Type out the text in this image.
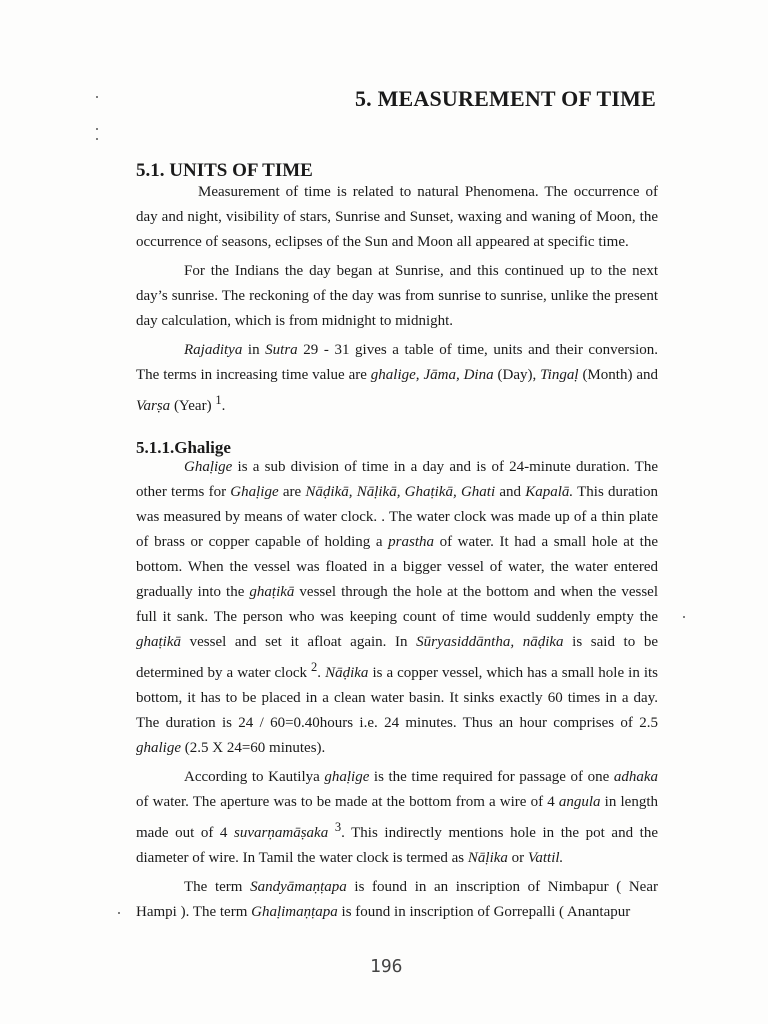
5. MEASUREMENT OF TIME
5.1. UNITS OF TIME

Measurement of time is related to natural Phenomena. The occurrence of day and night, visibility of stars, Sunrise and Sunset, waxing and waning of Moon, the occurrence of seasons, eclipses of the Sun and Moon all appeared at specific time.

For the Indians the day began at Sunrise, and this continued up to the next day’s sunrise. The reckoning of the day was from sunrise to sunrise, unlike the present day calculation, which is from midnight to midnight.

Rajaditya in Sutra 29 - 31 gives a table of time, units and their conversion. The terms in increasing time value are ghalige, Jāma, Dina (Day), Tingaḷ (Month) and Varṣa (Year) $^1$.

5.1.1.Ghalige

Ghaḷige is a sub division of time in a day and is of 24-minute duration. The other terms for Ghaḷige are Nāḍikā, Nāḷikā, Ghaṭikā, Ghati and Kapalā. This duration was measured by means of water clock. . The water clock was made up of a thin plate of brass or copper capable of holding a prastha of water. It had a small hole at the bottom. When the vessel was floated in a bigger vessel of water, the water entered gradually into the ghaṭikā vessel through the hole at the bottom and when the vessel full it sank. The person who was keeping count of time would suddenly empty the ghaṭikā vessel and set it afloat again. In Sūryasiddāntha, nāḍika is said to be determined by a water clock $^2$. Nāḍika is a copper vessel, which has a small hole in its bottom, it has to be placed in a clean water basin. It sinks exactly 60 times in a day. The duration is 24 / 60=0.40hours i.e. 24 minutes. Thus an hour comprises of 2.5 ghalige (2.5 X 24=60 minutes).

According to Kautilya ghaḷige is the time required for passage of one adhaka of water. The aperture was to be made at the bottom from a wire of 4 angula in length made out of 4 suvarṇamāṣaka $^3$. This indirectly mentions hole in the pot and the diameter of wire. In Tamil the water clock is termed as Nāḷika or Vattil.

The term Sandyāmaṇṭapa is found in an inscription of Nimbapur ( Near Hampi ). The term Ghaḷimaṇṭapa is found in inscription of Gorrepalli ( Anantapur

196
